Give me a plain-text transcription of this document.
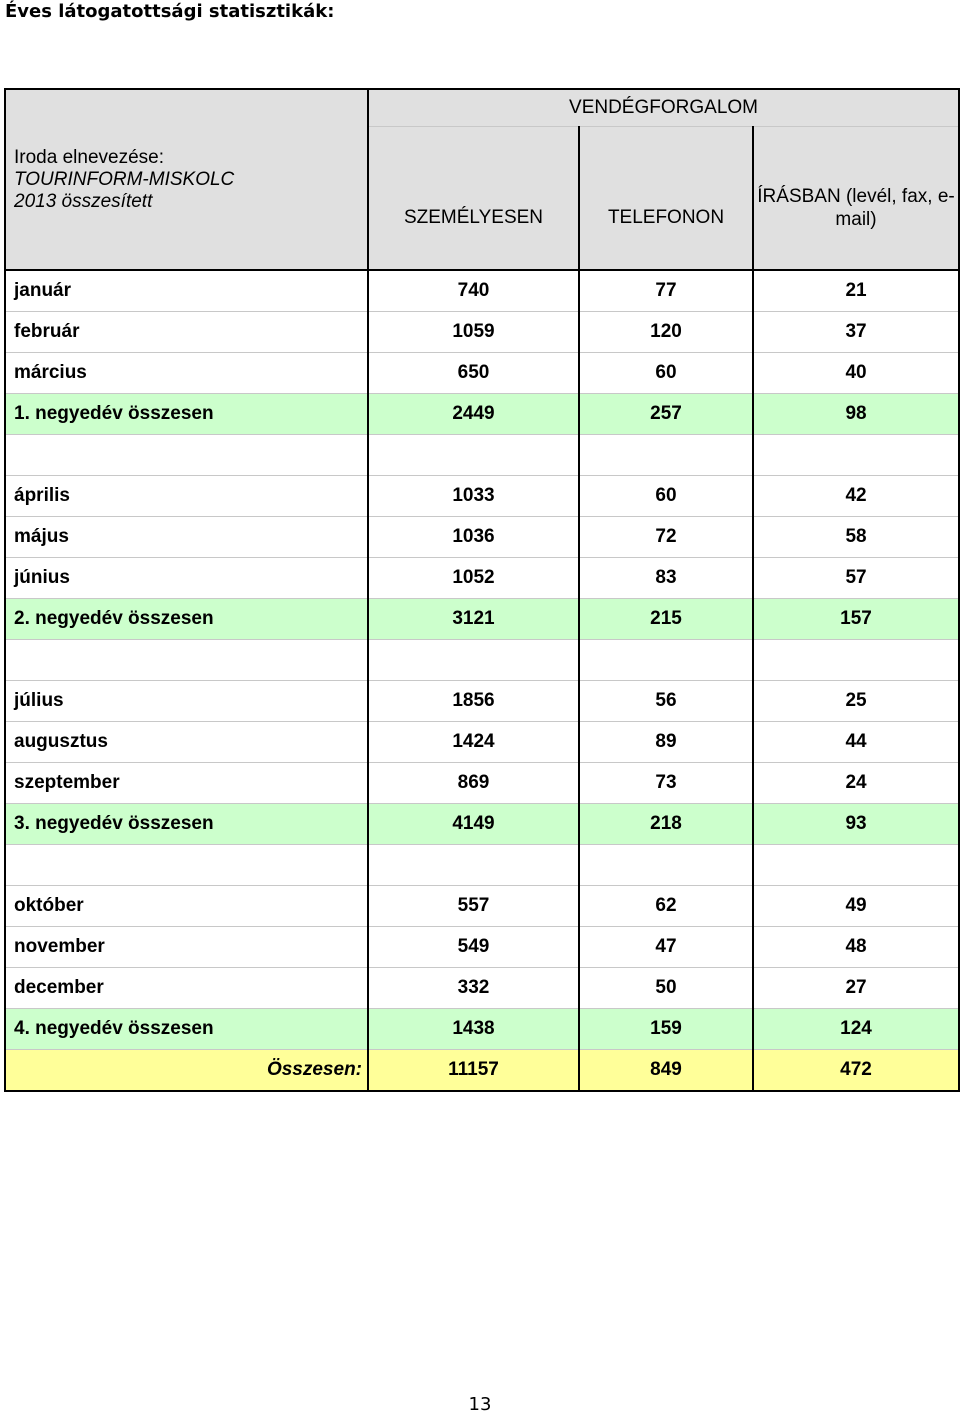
Éves látogatottsági statisztikák:
Iroda elnevezése:
TOURINFORM-MISKOLC
2013 összesített	VENDÉGFORGALOM		
	SZEMÉLYESEN	TELEFONON	ÍRÁSBAN (levél, fax, e-mail)
január	740	77	21
február	1059	120	37
március	650	60	40
1. negyedév összesen	2449	257	98

április	1033	60	42
május	1036	72	58
június	1052	83	57
2. negyedév összesen	3121	215	157

július	1856	56	25
augusztus	1424	89	44
szeptember	869	73	24
3. negyedév összesen	4149	218	93

október	557	62	49
november	549	47	48
december	332	50	27
4. negyedév összesen	1438	159	124
Összesen:	11157	849	472
13
